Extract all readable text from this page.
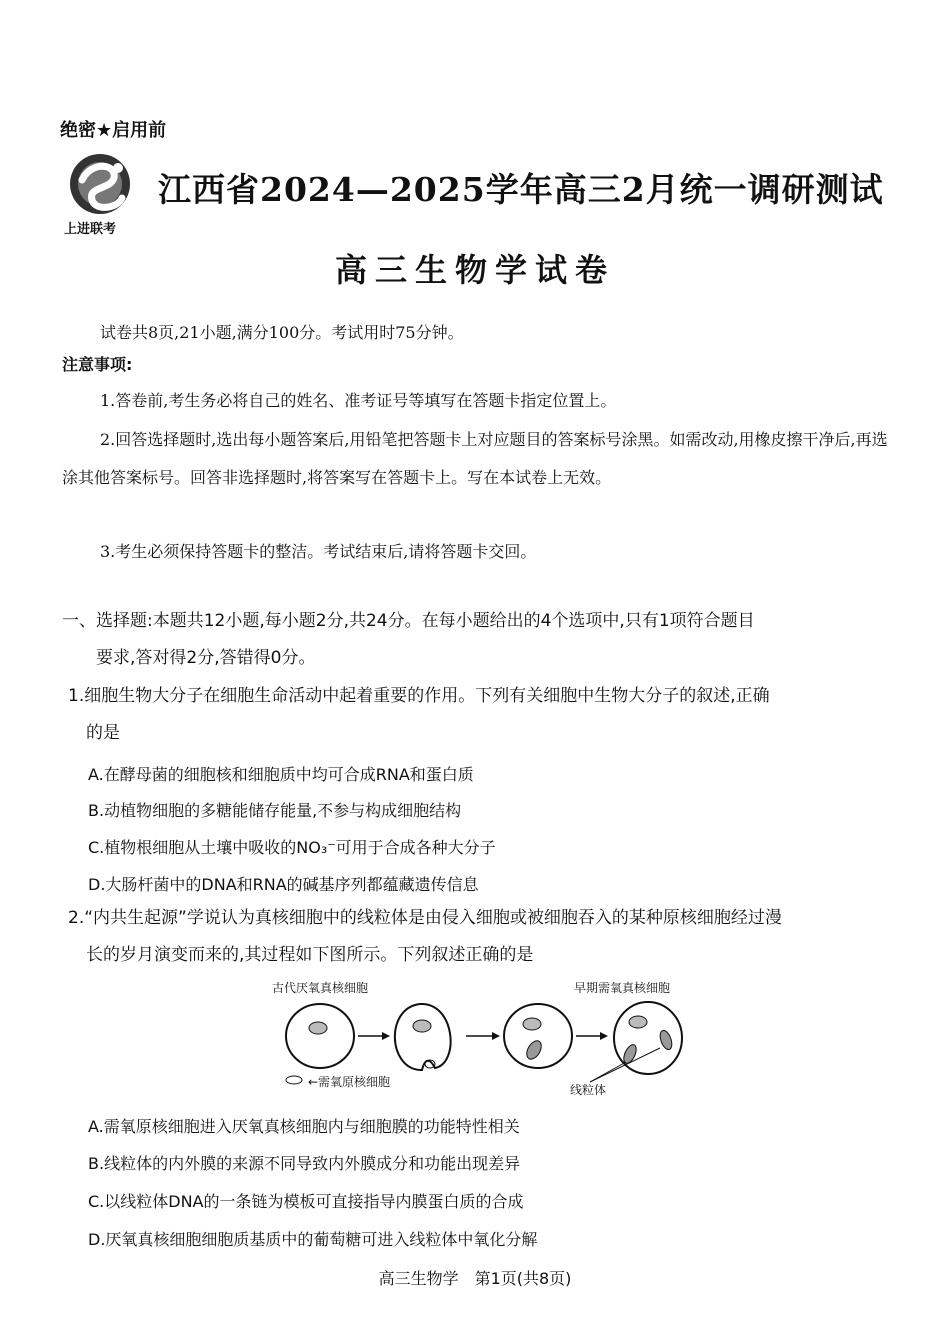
绝密★启用前
上进联考
江西省2024—2025学年高三2月统一调研测试
高三生物学试卷
试卷共8页,21小题,满分100分。考试用时75分钟。
注意事项:
1.答卷前,考生务必将自己的姓名、准考证号等填写在答题卡指定位置上。
2.回答选择题时,选出每小题答案后,用铅笔把答题卡上对应题目的答案标号涂黑。如需改动,用橡皮擦干净后,再选涂其他答案标号。回答非选择题时,将答案写在答题卡上。写在本试卷上无效。
3.考生必须保持答题卡的整洁。考试结束后,请将答题卡交回。
一、选择题:本题共12小题,每小题2分,共24分。在每小题给出的4个选项中,只有1项符合题目
要求,答对得2分,答错得0分。
1.细胞生物大分子在细胞生命活动中起着重要的作用。下列有关细胞中生物大分子的叙述,正确
的是
A.在酵母菌的细胞核和细胞质中均可合成RNA和蛋白质
B.动植物细胞的多糖能储存能量,不参与构成细胞结构
C.植物根细胞从土壤中吸收的NO₃⁻可用于合成各种大分子
D.大肠杆菌中的DNA和RNA的碱基序列都蕴藏遗传信息
2.“内共生起源”学说认为真核细胞中的线粒体是由侵入细胞或被细胞吞入的某种原核细胞经过漫
长的岁月演变而来的,其过程如下图所示。下列叙述正确的是
古代厌氧真核细胞	早期需氧真核细胞
←需氧原核细胞
线粒体
A.需氧原核细胞进入厌氧真核细胞内与细胞膜的功能特性相关
B.线粒体的内外膜的来源不同导致内外膜成分和功能出现差异
C.以线粒体DNA的一条链为模板可直接指导内膜蛋白质的合成
D.厌氧真核细胞细胞质基质中的葡萄糖可进入线粒体中氧化分解
高三生物学　第1页(共8页)
